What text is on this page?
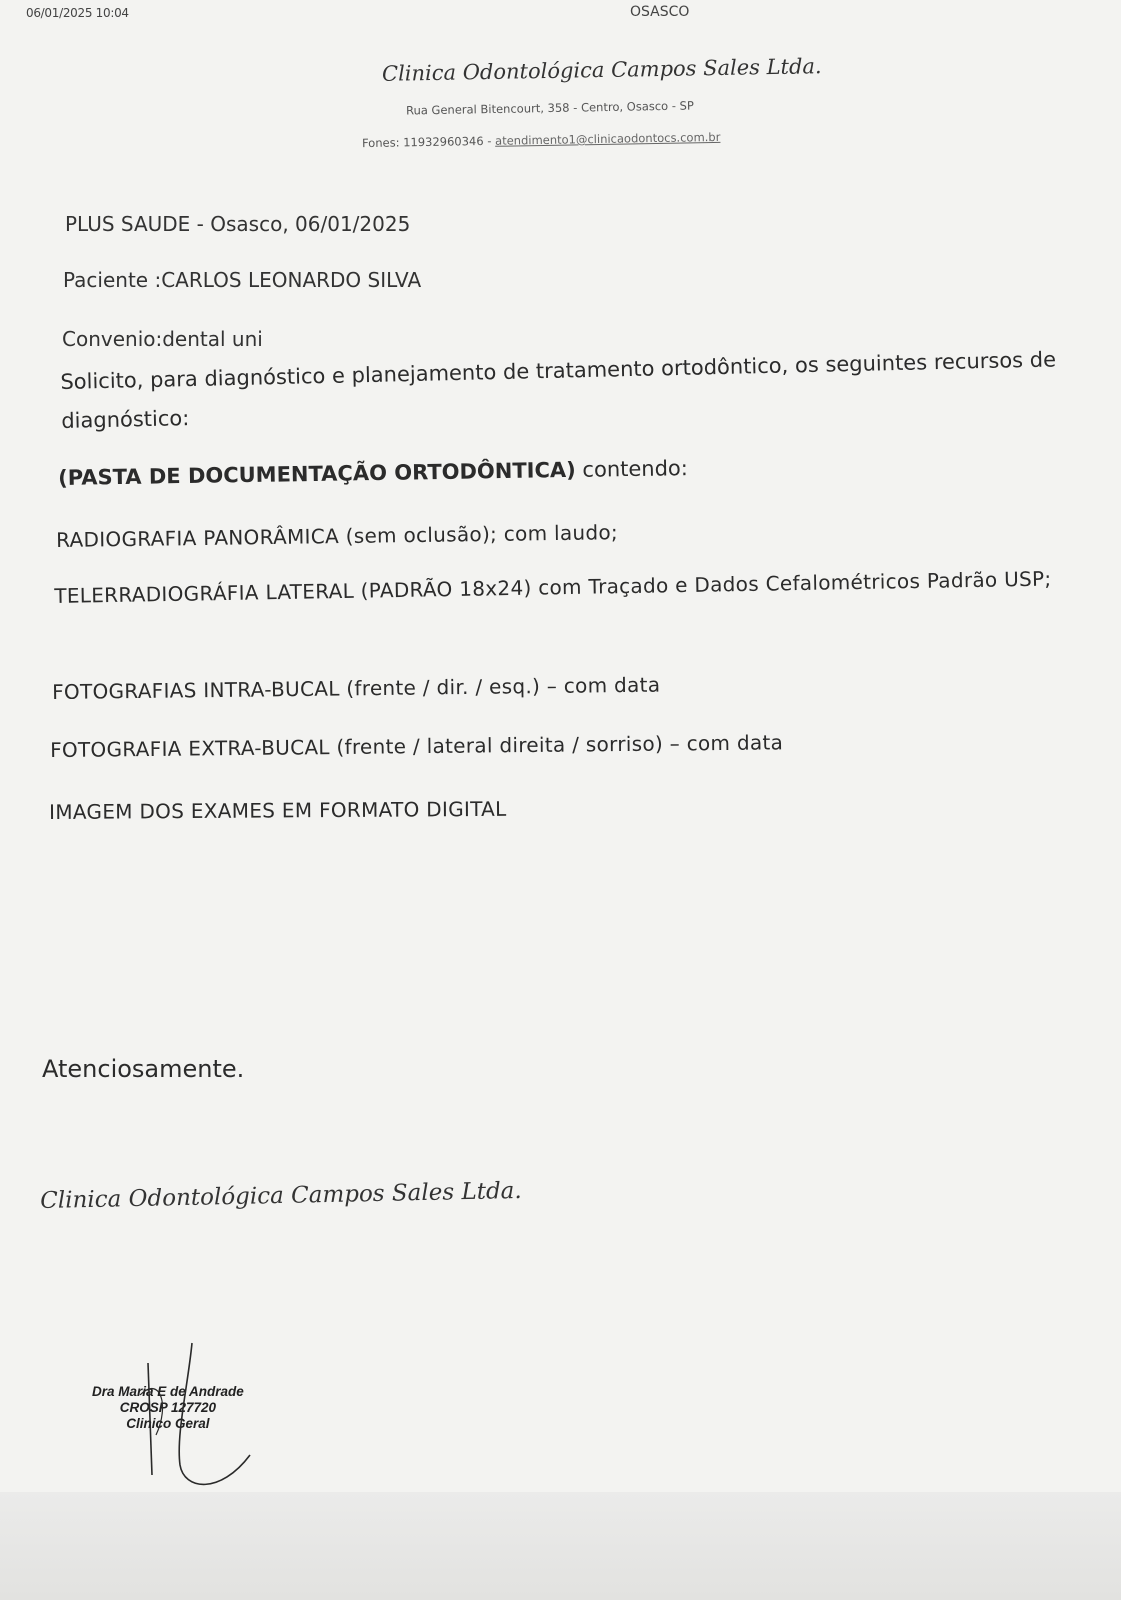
06/01/2025 10:04	OSASCO
Clinica Odontológica Campos Sales Ltda.
Rua General Bitencourt, 358 - Centro, Osasco - SP
Fones: 11932960346 - atendimento1@clinicaodontocs.com.br
PLUS SAUDE - Osasco, 06/01/2025
Paciente :CARLOS LEONARDO SILVA
Convenio:dental uni
Solicito, para diagnóstico e planejamento de tratamento ortodôntico, os seguintes recursos de diagnóstico:
(PASTA DE DOCUMENTAÇÃO ORTODÔNTICA) contendo:
RADIOGRAFIA PANORÂMICA (sem oclusão); com laudo;
TELERRADIOGRÁFIA LATERAL (PADRÃO 18x24) com Traçado e Dados Cefalométricos Padrão USP;
FOTOGRAFIAS INTRA-BUCAL (frente / dir. / esq.) – com data
FOTOGRAFIA EXTRA-BUCAL (frente / lateral direita / sorriso) – com data
IMAGEM DOS EXAMES EM FORMATO DIGITAL
Atenciosamente.
Clinica Odontológica Campos Sales Ltda.
Dra Maria E de Andrade
CROSP 127720
Clinico Geral
